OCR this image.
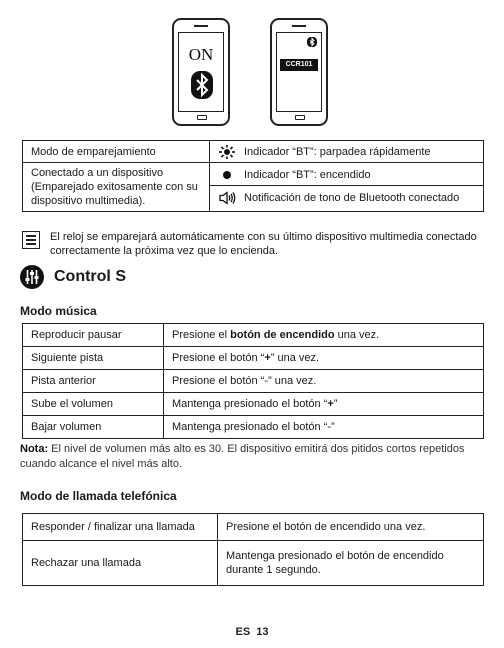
ON
CCR101
Modo de emparejamiento	Indicador “BT”: parpadea rápidamente

Conectado a un dispositivo (Emparejado exitosamente con su dispositivo multimedia).	Indicador “BT”: encendido
Notificación de tono de Bluetooth conectado
El reloj se emparejará automáticamente con su último dispositivo multimedia conectado correctamente la próxima vez que lo encienda.
Control S
Modo música
Reproducir pausar	Presione el botón de encendido una vez.
Siguiente pista	Presione el botón “+” una vez.
Pista anterior	Presione el botón “-” una vez.
Sube el volumen	Mantenga presionado el botón “+”
Bajar volumen	Mantenga presionado el botón “-”
Nota: El nivel de volumen más alto es 30. El dispositivo emitirá dos pitidos cortos repetidos cuando alcance el nivel más alto.
Modo de llamada telefónica
Responder / finalizar una llamada	Presione el botón de encendido una vez.
Rechazar una llamada	Mantenga presionado el botón de encendido durante 1 segundo.
ES  13
